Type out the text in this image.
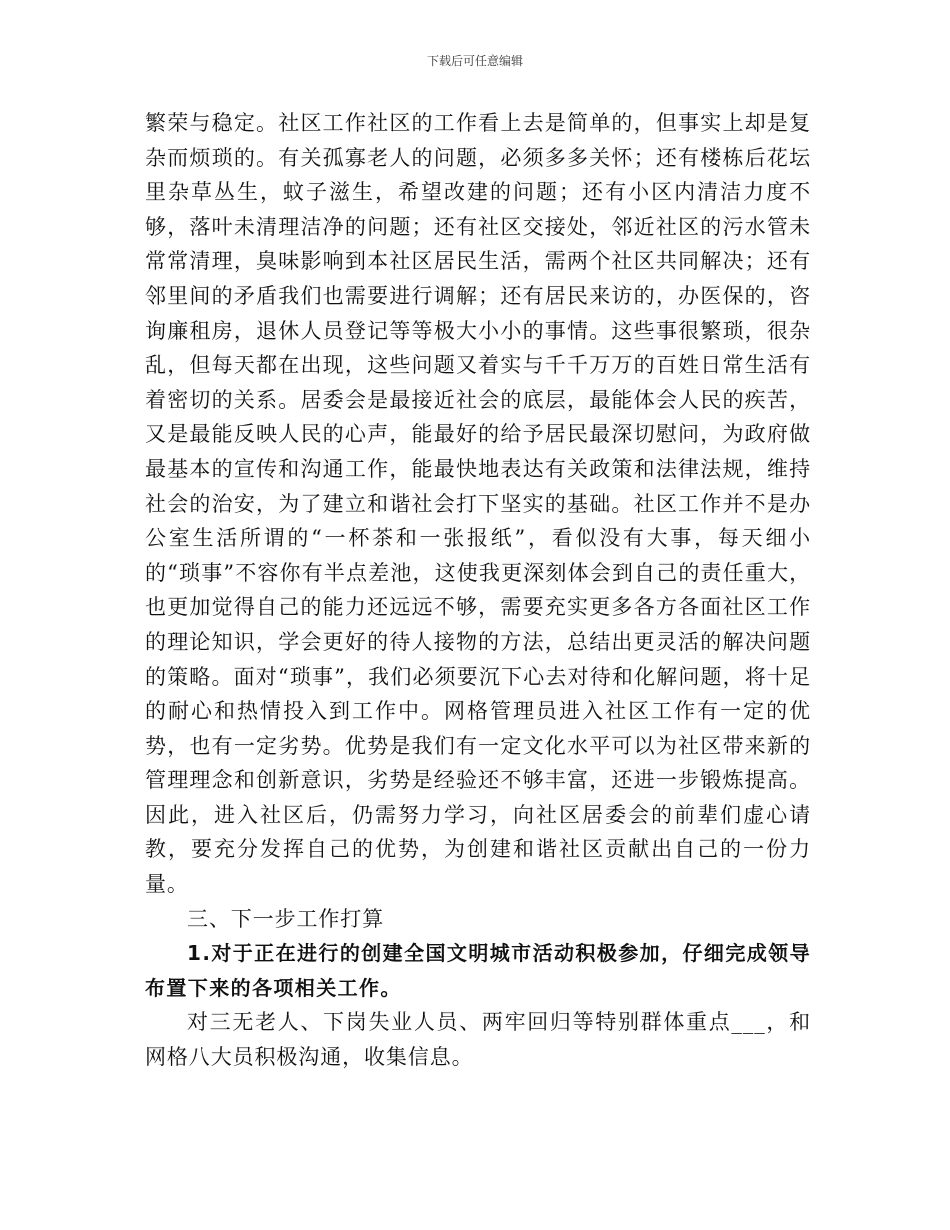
下载后可任意编辑

繁荣与稳定。社区工作社区的工作看上去是简单的，但事实上却是复杂而烦琐的。有关孤寡老人的问题，必须多多关怀；还有楼栋后花坛里杂草丛生，蚊子滋生，希望改建的问题；还有小区内清洁力度不够，落叶未清理洁净的问题；还有社区交接处，邻近社区的污水管未常常清理，臭味影响到本社区居民生活，需两个社区共同解决；还有邻里间的矛盾我们也需要进行调解；还有居民来访的，办医保的，咨询廉租房，退休人员登记等等极大小小的事情。这些事很繁琐，很杂乱，但每天都在出现，这些问题又着实与千千万万的百姓日常生活有着密切的关系。居委会是最接近社会的底层，最能体会人民的疾苦，又是最能反映人民的心声，能最好的给予居民最深切慰问，为政府做最基本的宣传和沟通工作，能最快地表达有关政策和法律法规，维持社会的治安，为了建立和谐社会打下坚实的基础。社区工作并不是办公室生活所谓的“一杯茶和一张报纸”，看似没有大事，每天细小的“琐事”不容你有半点差池，这使我更深刻体会到自己的责任重大，也更加觉得自己的能力还远远不够，需要充实更多各方各面社区工作的理论知识，学会更好的待人接物的方法，总结出更灵活的解决问题的策略。面对“琐事”，我们必须要沉下心去对待和化解问题，将十足的耐心和热情投入到工作中。网格管理员进入社区工作有一定的优势，也有一定劣势。优势是我们有一定文化水平可以为社区带来新的管理理念和创新意识，劣势是经验还不够丰富，还进一步锻炼提高。因此，进入社区后，仍需努力学习，向社区居委会的前辈们虚心请教，要充分发挥自己的优势，为创建和谐社区贡献出自己的一份力量。

三、下一步工作打算

1.对于正在进行的创建全国文明城市活动积极参加，仔细完成领导布置下来的各项相关工作。

对三无老人、下岗失业人员、两牢回归等特别群体重点___，和网格八大员积极沟通，收集信息。
